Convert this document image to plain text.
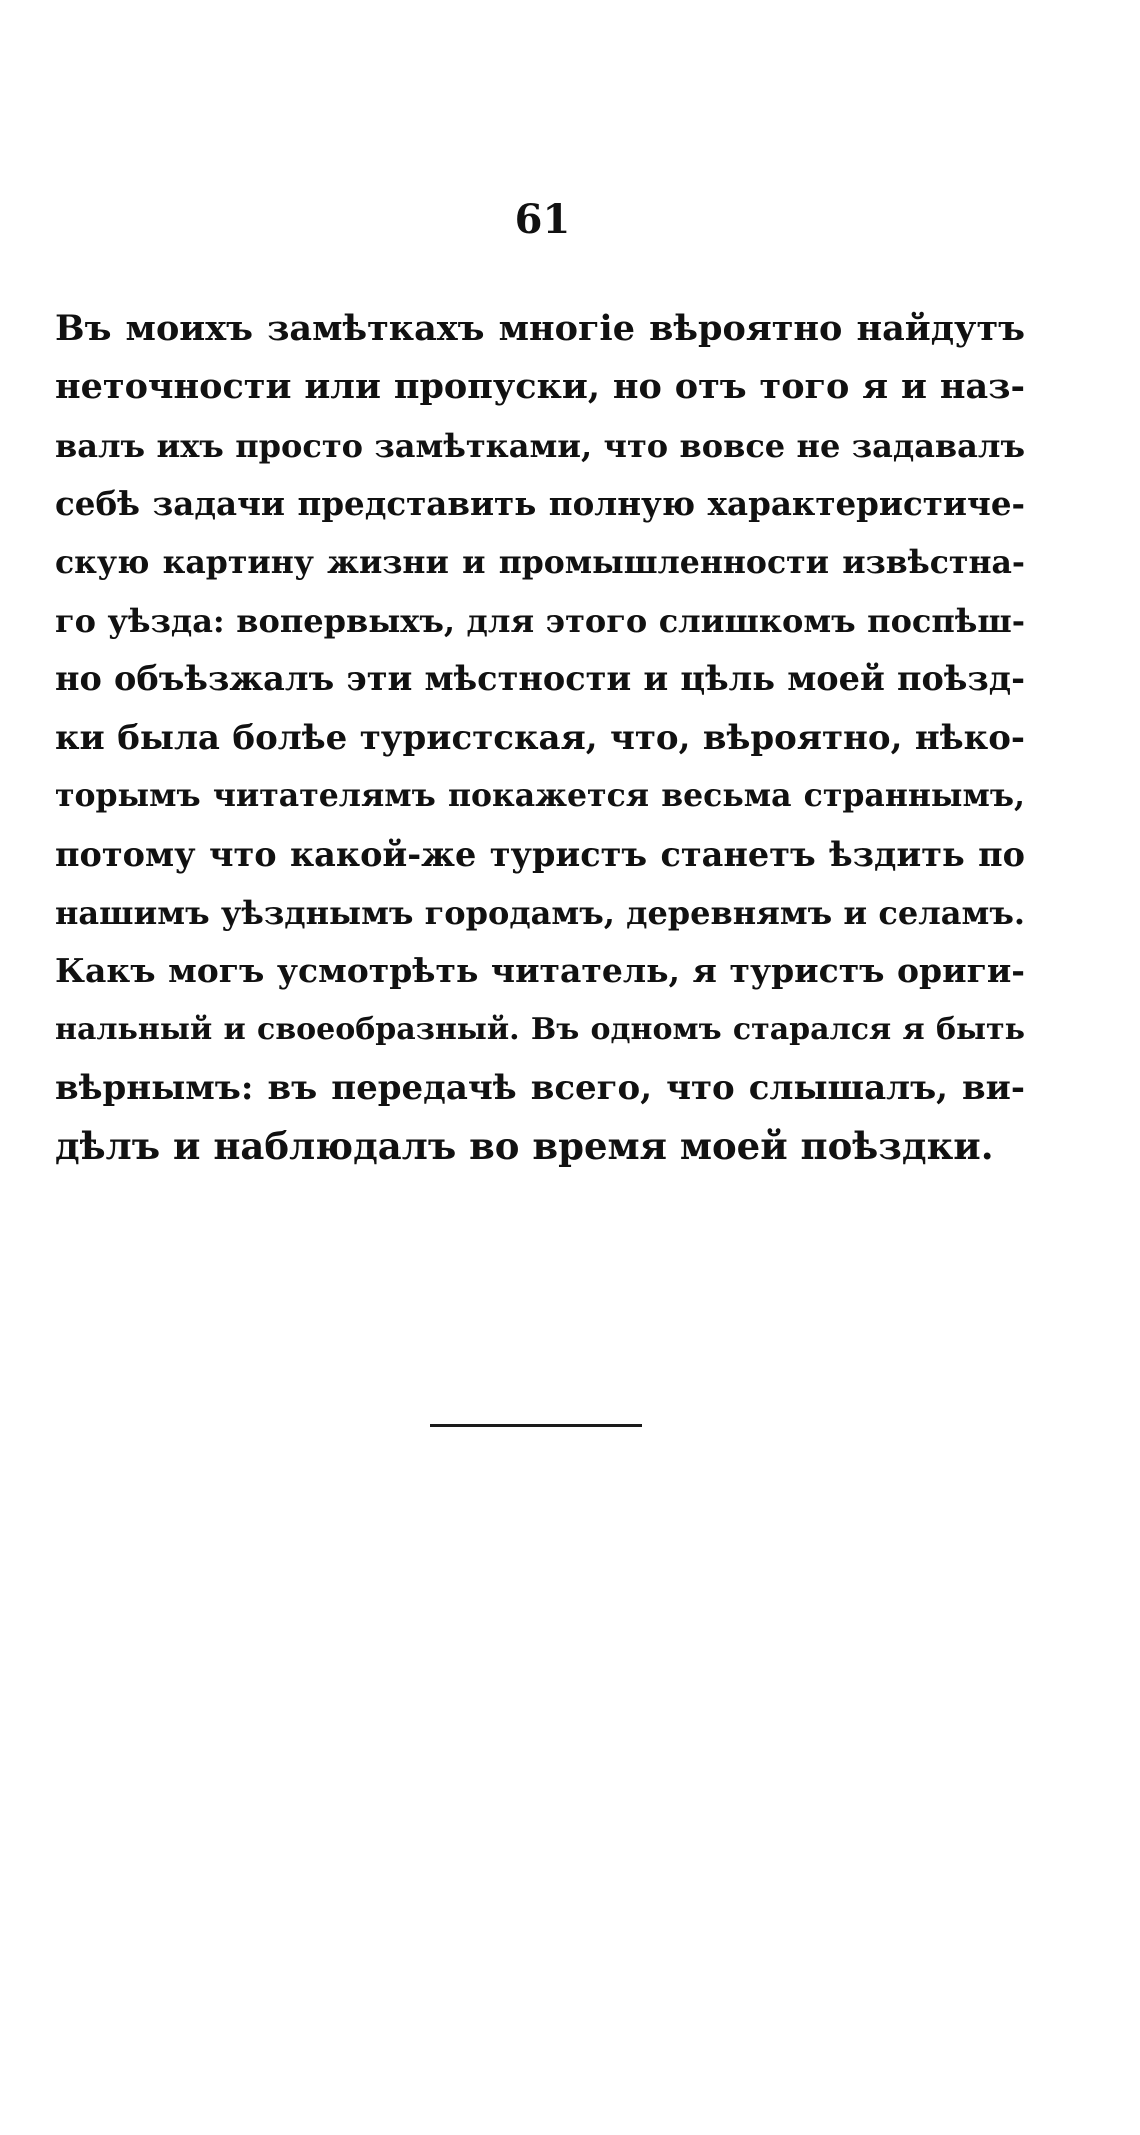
61
Въ моихъ замѣткахъ многіе вѣроятно найдутъ
неточности или пропуски, но отъ того я и наз-
валъ ихъ просто замѣтками, что вовсе не задавалъ
себѣ задачи представить полную характеристиче-
скую картину жизни и промышленности извѣстна-
го уѣзда: вопервыхъ, для этого слишкомъ поспѣш-
но объѣзжалъ эти мѣстности и цѣль моей поѣзд-
ки была болѣе туристская, что, вѣроятно, нѣко-
торымъ читателямъ покажется весьма страннымъ,
потому что какой-же туристъ станетъ ѣздить по
нашимъ уѣзднымъ городамъ, деревнямъ и селамъ.
Какъ могъ усмотрѣть читатель, я туристъ ориги-
нальный и своеобразный. Въ одномъ старался я быть
вѣрнымъ: въ передачѣ всего, что слышалъ, ви-
дѣлъ и наблюдалъ во время моей поѣздки.
